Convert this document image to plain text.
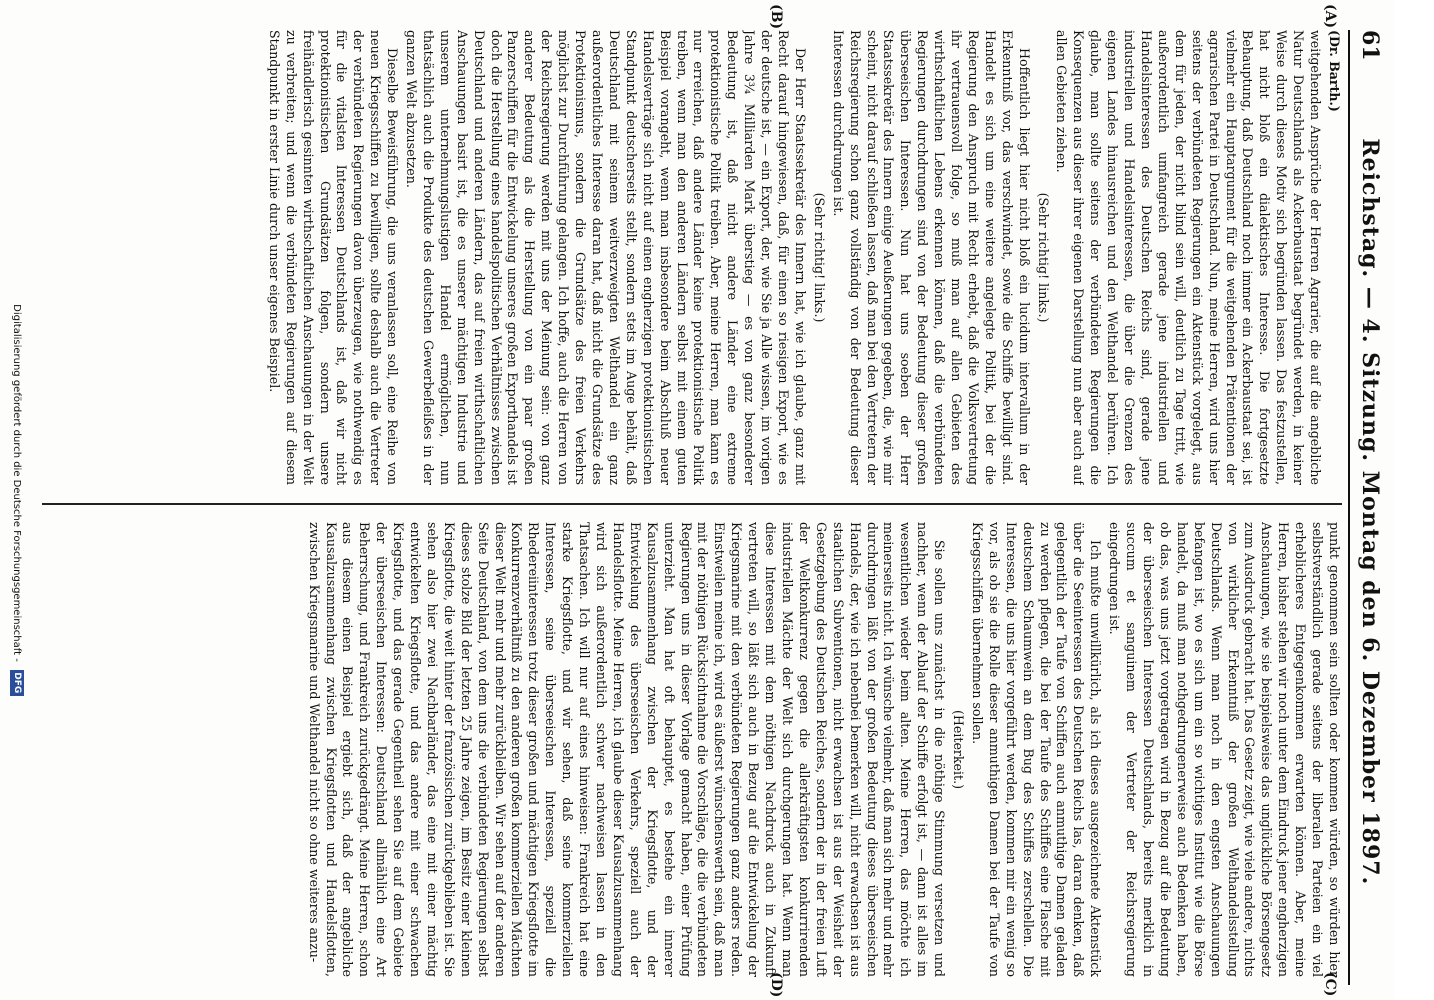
61
Reichstag. — 4. Sitzung. Montag den 6. Dezember 1897.
(A)
(B)
(C)
(D)

(Dr. Barth.)

weitgehenden Ansprüche der Herren Agrarier, die auf die angebliche Natur Deutschlands als Ackerbaustaat begründet werden, in keiner Weise durch dieses Motiv sich begründen lassen. Das festzustellen, hat nicht bloß ein dialektisches Interesse. Die fortgesetzte Behauptung, daß Deutschland noch immer ein Ackerbaustaat sei, ist vielmehr ein Hauptargument für die weitgehenden Prätentionen der agrarischen Partei in Deutschland. Nun, meine Herren, wird uns hier seitens der verbündeten Regierungen ein Aktenstück vorgelegt, aus dem für jeden, der nicht blind sein will, deutlich zu Tage tritt, wie außerordentlich umfangreich gerade jene industriellen und Handelsinteressen des Deutschen Reichs sind, gerade jene industriellen und Handelsinteressen, die über die Grenzen des eigenen Landes hinausreichen und den Welthandel berühren. Ich glaube, man sollte seitens der verbündeten Regierungen die Konsequenzen aus dieser ihrer eigenen Darstellung nun aber auch auf allen Gebieten ziehen.

(Sehr richtig! links.)

Hoffentlich liegt hier nicht bloß ein lucidum intervallum in der Erkenntniß vor, das verschwindet, sowie die Schiffe bewilligt sind. Handelt es sich um eine weitere angelegte Politik, bei der die Regierung den Anspruch mit Recht erhebt, daß die Volksvertretung ihr vertrauensvoll folge, so muß man auf allen Gebieten des wirthschaftlichen Lebens erkennen können, daß die verbündeten Regierungen durchdrungen sind von der Bedeutung dieser großen überseeischen Interessen. Nun hat uns soeben der Herr Staatssekretär des Innern einige Aeußerungen gegeben, die, wie mir scheint, nicht darauf schließen lassen, daß man bei den Vertretern der Reichsregierung schon ganz vollständig von der Bedeutung dieser Interessen durchdrungen ist.

(Sehr richtig! links.)

Der Herr Staatssekretär des Innern hat, wie ich glaube, ganz mit Recht darauf hingewiesen, daß, für einen so riesigen Export, wie es der deutsche ist, — ein Export, der, wie Sie ja Alle wissen, im vorigen Jahre 3¾ Milliarden Mark überstieg — es von ganz besonderer Bedeutung ist, daß nicht andere Länder eine extreme protektionistische Politik treiben. Aber, meine Herren, man kann es nur erreichen, daß andere Länder keine protektionistische Politik treiben, wenn man den anderen Ländern selbst mit einem guten Beispiel vorangeht, wenn man insbesondere beim Abschluß neuer Handelsverträge sich nicht auf einen engherzigen protektionistischen Standpunkt deutscherseits stellt, sondern stets im Auge behält, daß Deutschland mit seinem weitverzweigten Welthandel ein ganz außerordentliches Interesse daran hat, daß nicht die Grundsätze des Protektionismus, sondern die Grundsätze des freien Verkehrs möglichst zur Durchführung gelangen. Ich hoffe, auch die Herren von der Reichsregierung werden mit uns der Meinung sein: von ganz anderer Bedeutung als die Herstellung von ein paar großen Panzerschiffen für die Entwickelung unseres großen Exporthandels ist doch die Herstellung eines handelspolitischen Verhältnisses zwischen Deutschland und anderen Ländern, das auf freien wirthschaftlichen Anschauungen basirt ist, die es unserer mächtigen Industrie und unserem unternehmungslustigen Handel ermöglichen, nun thatsächlich auch die Produkte des deutschen Gewerbefleißes in der ganzen Welt abzusetzen.

Dieselbe Beweisführung, die uns veranlassen soll, eine Reihe von neuen Kriegsschiffen zu bewilligen, sollte deshalb auch die Vertreter der verbündeten Regierungen davon überzeugen, wie nothwendig es für die vitalsten Interessen Deutschlands ist, daß wir nicht protektionistischen Grundsätzen folgen, sondern unsere freihändlerisch gesinnten wirthschaftlichen Anschauungen in der Welt zu verbreiten; und wenn die verbündeten Regierungen auf diesem Standpunkt in erster Linie durch unser eigenes Beispiel.

punkt genommen sein sollten oder kommen würden, so würden hier selbstverständlich gerade seitens der liberalen Parteien ein viel erheblicheres Entgegenkommen erwarten können. Aber, meine Herren, bisher stehen wir noch unter dem Eindruck jener engherzigen Anschauungen, wie sie beispielsweise das unglückliche Börsengesetz zum Ausdruck gebracht hat. Das Gesetz zeigt, wie viele andere, nichts von wirklicher Erkenntniß der großen Welthandelsstellung Deutschlands. Wenn man noch in den engsten Anschauungen befangen ist, wo es sich um ein so wichtiges Institut wie die Börse handelt, da muß man nothgedrungenerweise auch Bedenken haben, ob das, was uns jetzt vorgetragen wird in Bezug auf die Bedeutung der überseeischen Interessen Deutschlands, bereits merklich in succum et sanguinem der Vertreter der Reichsregierung eingedrungen ist.

Ich mußte unwillkürlich, als ich dieses ausgezeichnete Aktenstück über die Seeinteressen des Deutschen Reichs las, daran denken, daß gelegentlich der Taufe von Schiffen auch anmuthige Damen geladen zu werden pflegen, die bei der Taufe des Schiffes eine Flasche mit deutschem Schaumwein an dem Bug des Schiffes zerschellen. Die Interessen, die uns hier vorgeführt werden, kommen mir ein wenig so vor, als ob sie die Rolle dieser anmuthigen Damen bei der Taufe von Kriegsschiffen übernehmen sollen.

(Heiterkeit.)

Sie sollen uns zunächst in die nöthige Stimmung versetzen und nachher, wenn der Ablauf der Schiffe erfolgt ist, — dann ist alles im wesentlichen wieder beim alten. Meine Herren, das möchte ich meinerseits nicht. Ich wünsche vielmehr, daß man sich mehr und mehr durchdringen läßt von der großen Bedeutung dieses überseeischen Handels, der, wie ich nebenbei bemerken will, nicht erwachsen ist aus staatlichen Subventionen, nicht erwachsen ist aus der Weisheit der Gesetzgebung des Deutschen Reiches, sondern der in der freien Luft der Weltkonkurrenz gegen die allerkräftigsten konkurrirenden industriellen Mächte der Welt sich durchgerungen hat. Wenn man diese Interessen mit dem nöthigen Nachdruck auch in Zukunft vertreten will, so läßt sich auch in Bezug auf die Entwickelung der Kriegsmarine mit den verbündeten Regierungen ganz anders reden. Einstweilen meine ich, wird es äußerst wünschenswerth sein, daß man mit der nöthigen Rücksichtnahme die Vorschläge, die die verbündeten Regierungen uns in dieser Vorlage gemacht haben, einer Prüfung unterzieht. Man hat oft behauptet, es bestehe ein innerer Kausalzusammenhang zwischen der Kriegsflotte, und der Entwickelung des überseeischen Verkehrs, speziell auch der Handelsflotte. Meine Herren, ich glaube dieser Kausalzusammenhang wird sich außerordentlich schwer nachweisen lassen in den Thatsachen. Ich will nur auf eines hinweisen: Frankreich hat eine starke Kriegsflotte, und wir sehen, daß seine kommerziellen Interessen, seine überseeischen Interessen, speziell die Rhedereiinteressen trotz dieser großen und mächtigen Kriegsflotte im Konkurrenzverhältniß zu den anderen großen kommerziellen Mächten dieser Welt mehr und mehr zurückbleiben. Wir sehen auf der anderen Seite Deutschland, von dem uns die verbündeten Regierungen selbst dieses stolze Bild der letzten 25 Jahre zeigen, im Besitz einer kleinen Kriegsflotte, die weit hinter der französischen zurückgeblieben ist. Sie sehen also hier zwei Nachbarländer, das eine mit einer mächtig entwickelten Kriegsflotte, und das andere mit einer schwachen Kriegsflotte, und das gerade Gegentheil sehen Sie auf dem Gebiete der überseeischen Interessen: Deutschland allmählich eine Art Beherrschung, und Frankreich zurückgedrängt. Meine Herren, schon aus diesem einen Beispiel ergiebt sich, daß der angebliche Kausalzusammenhang zwischen Kriegsflotten und Handelsflotten, zwischen Kriegsmarine und Welthandel nicht so ohne weiteres anzu-

Digitalisierung gefördert durch die Deutsche Forschungsgemeinschaft -
DFG
